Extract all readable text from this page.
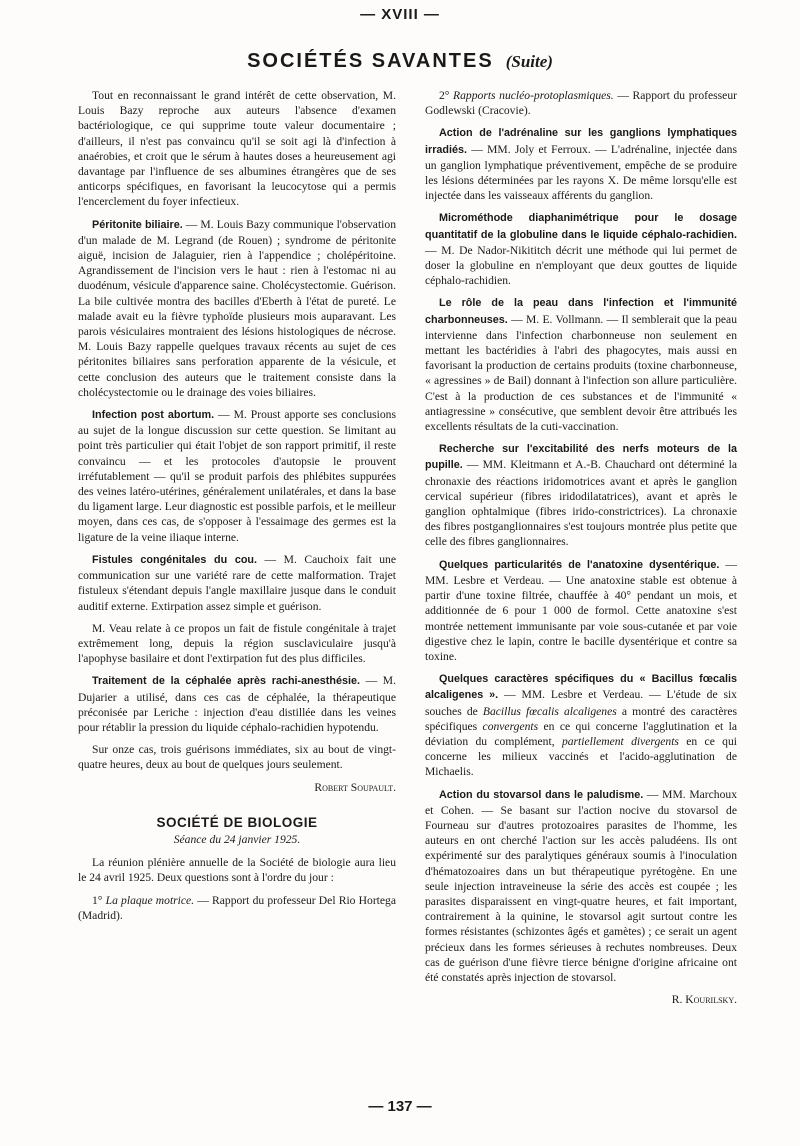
— XVIII —
SOCIÉTÉS SAVANTES (Suite)

Tout en reconnaissant le grand intérêt de cette observation, M. Louis Bazy reproche aux auteurs l'absence d'examen bactériologique, ce qui supprime toute valeur documentaire ; d'ailleurs, il n'est pas convaincu qu'il se soit agi là d'infection à anaérobies, et croit que le sérum à hautes doses a heureusement agi davantage par l'influence de ses albumines étrangères que de ses anticorps spécifiques, en favorisant la leucocytose qui a permis l'encerclement du foyer infectieux.

Péritonite biliaire. — M. Louis Bazy communique l'observation d'un malade de M. Legrand (de Rouen) ; syndrome de péritonite aiguë, incision de Jalaguier, rien à l'appendice ; cholépéritoine. Agrandissement de l'incision vers le haut : rien à l'estomac ni au duodénum, vésicule d'apparence saine. Cholécystectomie. Guérison. La bile cultivée montra des bacilles d'Eberth à l'état de pureté. Le malade avait eu la fièvre typhoïde plusieurs mois auparavant. Les parois vésiculaires montraient des lésions histologiques de nécrose. M. Louis Bazy rappelle quelques travaux récents au sujet de ces péritonites biliaires sans perforation apparente de la vésicule, et cette conclusion des auteurs que le traitement consiste dans la cholécystectomie ou le drainage des voies biliaires.

Infection post abortum. — M. Proust apporte ses conclusions au sujet de la longue discussion sur cette question. Se limitant au point très particulier qui était l'objet de son rapport primitif, il reste convaincu — et les protocoles d'autopsie le prouvent irréfutablement — qu'il se produit parfois des phlébites suppurées des veines latéro-utérines, généralement unilatérales, et dans la base du ligament large. Leur diagnostic est possible parfois, et le meilleur moyen, dans ces cas, de s'opposer à l'essaimage des germes est la ligature de la veine iliaque interne.

Fistules congénitales du cou. — M. Cauchoix fait une communication sur une variété rare de cette malformation. Trajet fistuleux s'étendant depuis l'angle maxillaire jusque dans le conduit auditif externe. Extirpation assez simple et guérison.

M. Veau relate à ce propos un fait de fistule congénitale à trajet extrêmement long, depuis la région susclaviculaire jusqu'à l'apophyse basilaire et dont l'extirpation fut des plus difficiles.

Traitement de la céphalée après rachi-anesthésie. — M. Dujarier a utilisé, dans ces cas de céphalée, la thérapeutique préconisée par Leriche : injection d'eau distillée dans les veines pour rétablir la pression du liquide céphalo-rachidien hypotendu.

Sur onze cas, trois guérisons immédiates, six au bout de vingt-quatre heures, deux au bout de quelques jours seulement.

Robert Soupault.

SOCIÉTÉ DE BIOLOGIE
Séance du 24 janvier 1925.

La réunion plénière annuelle de la Société de biologie aura lieu le 24 avril 1925. Deux questions sont à l'ordre du jour :

1° La plaque motrice. — Rapport du professeur Del Rio Hortega (Madrid).

2° Rapports nucléo-protoplasmiques. — Rapport du professeur Godlewski (Cracovie).

Action de l'adrénaline sur les ganglions lymphatiques irradiés. — MM. Joly et Ferroux. — L'adrénaline, injectée dans un ganglion lymphatique préventivement, empêche de se produire les lésions déterminées par les rayons X. De même lorsqu'elle est injectée dans les vaisseaux afférents du ganglion.

Microméthode diaphanimétrique pour le dosage quantitatif de la globuline dans le liquide céphalo-rachidien. — M. De Nador-Nikititch décrit une méthode qui lui permet de doser la globuline en n'employant que deux gouttes de liquide céphalo-rachidien.

Le rôle de la peau dans l'infection et l'immunité charbonneuses. — M. E. Vollmann. — Il semblerait que la peau intervienne dans l'infection charbonneuse non seulement en mettant les bactéridies à l'abri des phagocytes, mais aussi en favorisant la production de certains produits (toxine charbonneuse, « agressines » de Bail) donnant à l'infection son allure particulière. C'est à la production de ces substances et de l'immunité « antiagressine » consécutive, que semblent devoir être attribués les excellents résultats de la cuti-vaccination.

Recherche sur l'excitabilité des nerfs moteurs de la pupille. — MM. Kleitmann et A.-B. Chauchard ont déterminé la chronaxie des réactions iridomotrices avant et après le ganglion cervical supérieur (fibres iridodilatatrices), avant et après le ganglion ophtalmique (fibres irido-constrictrices). La chronaxie des fibres postganglionnaires s'est toujours montrée plus petite que celle des fibres ganglionnaires.

Quelques particularités de l'anatoxine dysentérique. — MM. Lesbre et Verdeau. — Une anatoxine stable est obtenue à partir d'une toxine filtrée, chauffée à 40° pendant un mois, et additionnée de 6 pour 1 000 de formol. Cette anatoxine s'est montrée nettement immunisante par voie sous-cutanée et par voie digestive chez le lapin, contre le bacille dysentérique et contre sa toxine.

Quelques caractères spécifiques du « Bacillus fœcalis alcaligenes ». — MM. Lesbre et Verdeau. — L'étude de six souches de Bacillus fœcalis alcaligenes a montré des caractères spécifiques convergents en ce qui concerne l'agglutination et la déviation du complément, partiellement divergents en ce qui concerne les milieux vaccinés et l'acido-agglutination de Michaelis.

Action du stovarsol dans le paludisme. — MM. Marchoux et Cohen. — Se basant sur l'action nocive du stovarsol de Fourneau sur d'autres protozoaires parasites de l'homme, les auteurs en ont cherché l'action sur les accès paludéens. Ils ont expérimenté sur des paralytiques généraux soumis à l'inoculation d'hématozoaires dans un but thérapeutique pyrétogène. En une seule injection intraveineuse la série des accès est coupée ; les parasites disparaissent en vingt-quatre heures, et fait important, contrairement à la quinine, le stovarsol agit surtout contre les formes résistantes (schizontes âgés et gamètes) ; ce serait un agent précieux dans les formes sérieuses à rechutes nombreuses. Deux cas de guérison d'une fièvre tierce bénigne d'origine africaine ont été constatés après injection de stovarsol.

R. Kourilsky.

— 137 —
